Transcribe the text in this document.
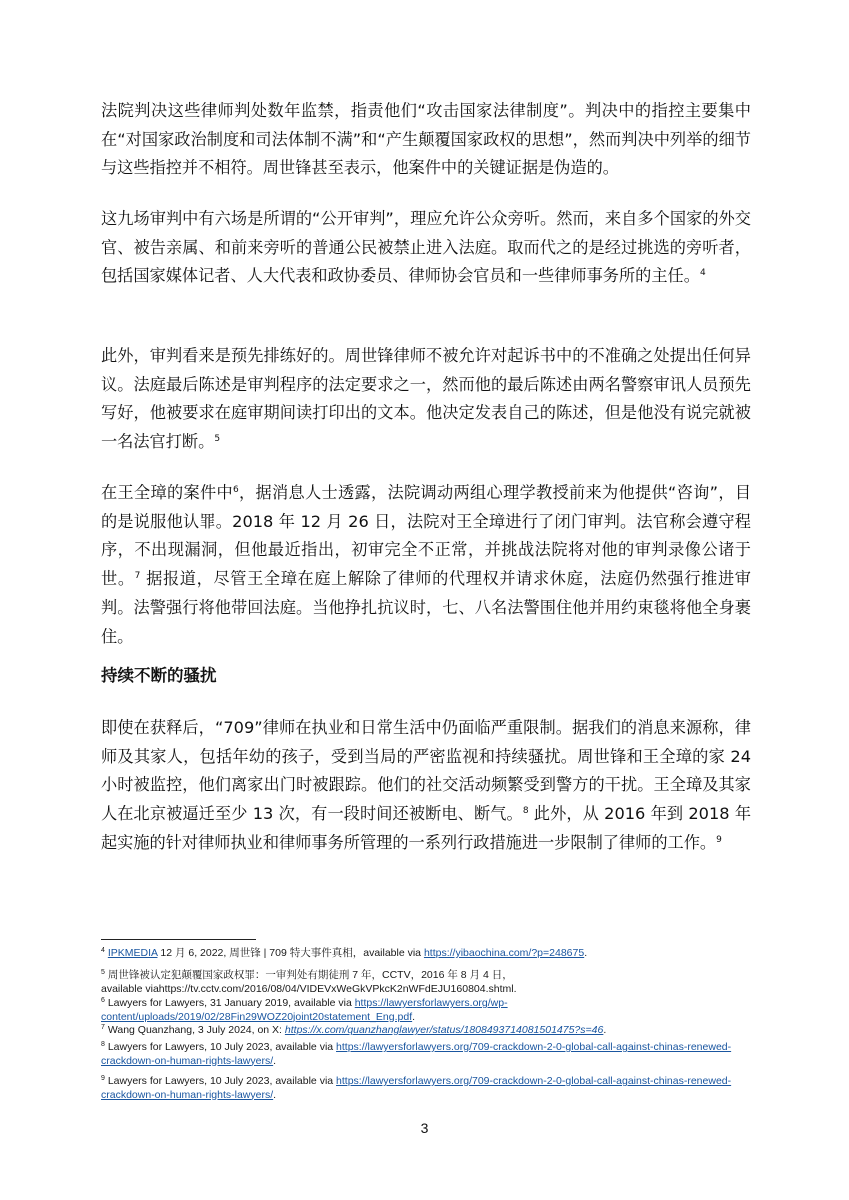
法院判决这些律师判处数年监禁，指责他们“攻击国家法律制度”。判决中的指控主要集中在“对国家政治制度和司法体制不满”和“产生颠覆国家政权的思想”，然而判决中列举的细节与这些指控并不相符。周世锋甚至表示，他案件中的关键证据是伪造的。

这九场审判中有六场是所谓的“公开审判”，理应允许公众旁听。然而，来自多个国家的外交官、被告亲属、和前来旁听的普通公民被禁止进入法庭。取而代之的是经过挑选的旁听者，包括国家媒体记者、人大代表和政协委员、律师协会官员和一些律师事务所的主任。$^4$

此外，审判看来是预先排练好的。周世锋律师不被允许对起诉书中的不准确之处提出任何异议。法庭最后陈述是审判程序的法定要求之一，然而他的最后陈述由两名警察审讯人员预先写好，他被要求在庭审期间读打印出的文本。他决定发表自己的陈述，但是他没有说完就被一名法官打断。$^5$

在王全璋的案件中$^6$，据消息人士透露，法院调动两组心理学教授前来为他提供“咨询”，目的是说服他认罪。2018 年 12 月 26 日，法院对王全璋进行了闭门审判。法官称会遵守程序，不出现漏洞，但他最近指出，初审完全不正常，并挑战法院将对他的审判录像公诸于世。$^7$ 据报道，尽管王全璋在庭上解除了律师的代理权并请求休庭，法庭仍然强行推进审判。法警强行将他带回法庭。当他挣扎抗议时，七、八名法警围住他并用约束毯将他全身裹住。

持续不断的骚扰

即使在获释后，“709”律师在执业和日常生活中仍面临严重限制。据我们的消息来源称，律师及其家人，包括年幼的孩子，受到当局的严密监视和持续骚扰。周世锋和王全璋的家 24 小时被监控，他们离家出门时被跟踪。他们的社交活动频繁受到警方的干扰。王全璋及其家人在北京被逼迁至少 13 次，有一段时间还被断电、断气。$^8$ 此外，从 2016 年到 2018 年起实施的针对律师执业和律师事务所管理的一系列行政措施进一步限制了律师的工作。$^9$

$^4$ IPKMEDIA 12 月 6, 2022, 周世锋 | 709 特大事件真相，available via https://yibaochina.com/?p=248675.
$^5$ 周世锋被认定犯颠覆国家政权罪：一审判处有期徒刑 7 年，CCTV，2016 年 8 月 4 日，
available viahttps://tv.cctv.com/2016/08/04/VIDEVxWeGkVPkcK2nWFdEJU160804.shtml.
$^6$ Lawyers for Lawyers, 31 January 2019, available via https://lawyersforlawyers.org/wp-content/uploads/2019/02/28Fin29WOZ20joint20statement_Eng.pdf.
$^7$ Wang Quanzhang, 3 July 2024, on X: https://x.com/quanzhanglawyer/status/1808493714081501475?s=46.
$^8$ Lawyers for Lawyers, 10 July 2023, available via https://lawyersforlawyers.org/709-crackdown-2-0-global-call-against-chinas-renewed-crackdown-on-human-rights-lawyers/.
$^9$ Lawyers for Lawyers, 10 July 2023, available via https://lawyersforlawyers.org/709-crackdown-2-0-global-call-against-chinas-renewed-crackdown-on-human-rights-lawyers/.
3
